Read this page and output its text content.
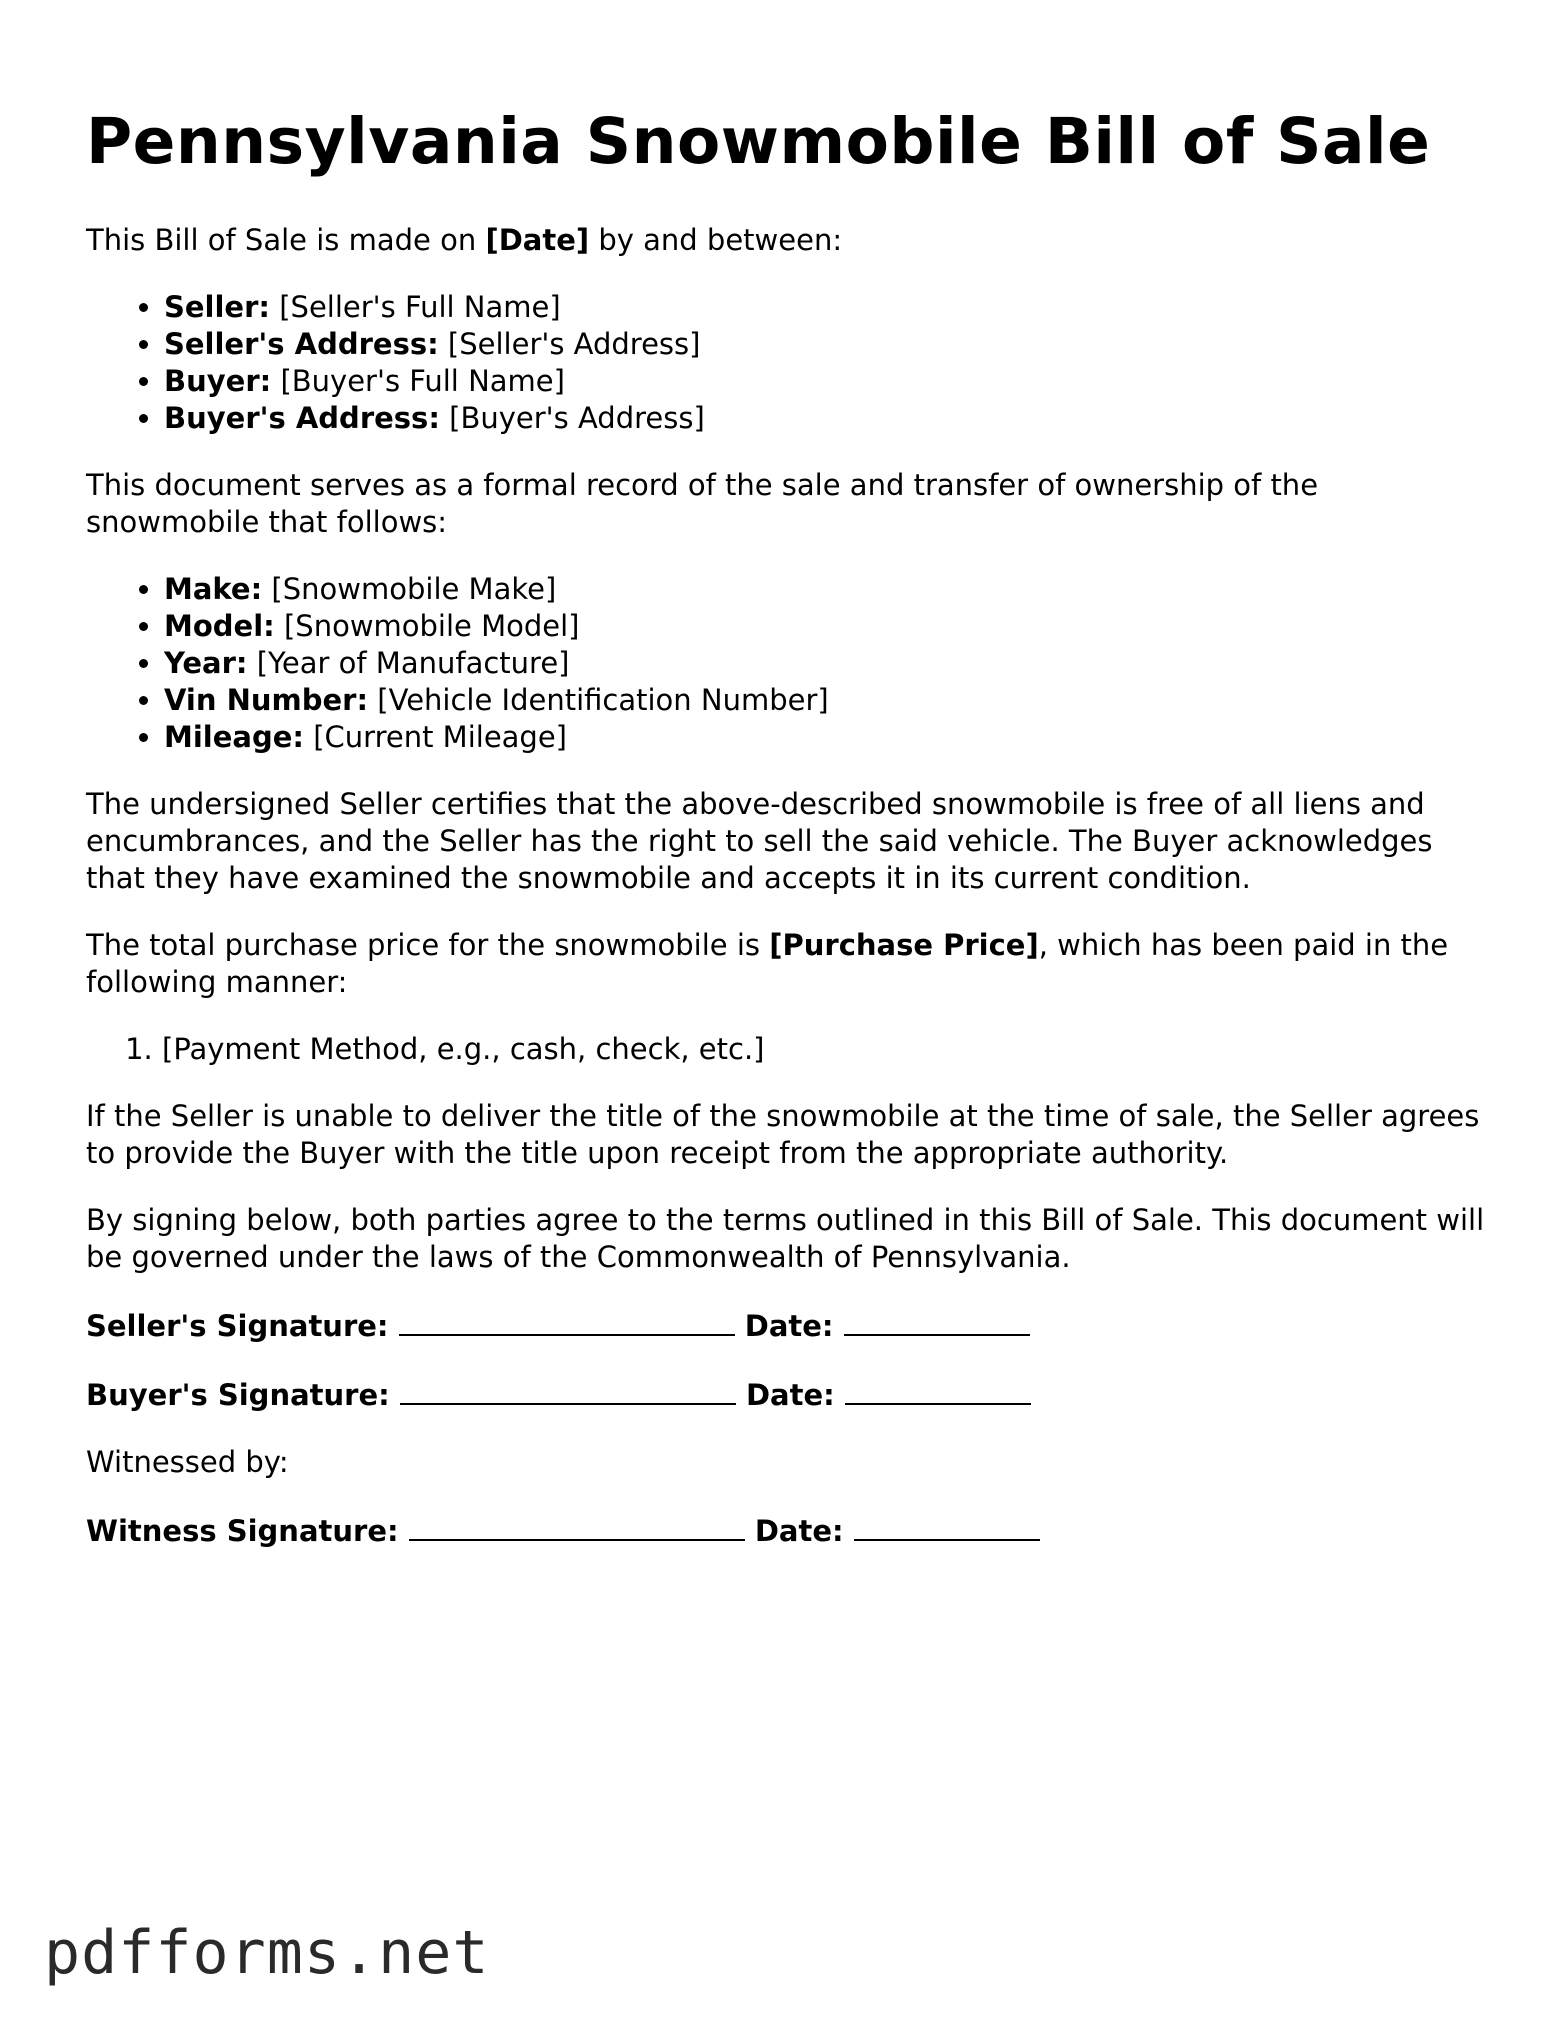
Pennsylvania Snowmobile Bill of Sale

This Bill of Sale is made on [Date] by and between:

• Seller: [Seller's Full Name]
• Seller's Address: [Seller's Address]
• Buyer: [Buyer's Full Name]
• Buyer's Address: [Buyer's Address]

This document serves as a formal record of the sale and transfer of ownership of the snowmobile that follows:

• Make: [Snowmobile Make]
• Model: [Snowmobile Model]
• Year: [Year of Manufacture]
• Vin Number: [Vehicle Identification Number]
• Mileage: [Current Mileage]

The undersigned Seller certifies that the above-described snowmobile is free of all liens and encumbrances, and the Seller has the right to sell the said vehicle. The Buyer acknowledges that they have examined the snowmobile and accepts it in its current condition.

The total purchase price for the snowmobile is [Purchase Price], which has been paid in the following manner:

1. [Payment Method, e.g., cash, check, etc.]

If the Seller is unable to deliver the title of the snowmobile at the time of sale, the Seller agrees to provide the Buyer with the title upon receipt from the appropriate authority.

By signing below, both parties agree to the terms outlined in this Bill of Sale. This document will be governed under the laws of the Commonwealth of Pennsylvania.

Seller's Signature:	Date:

Buyer's Signature:	Date:

Witnessed by:

Witness Signature:	Date:

pdfforms.net
